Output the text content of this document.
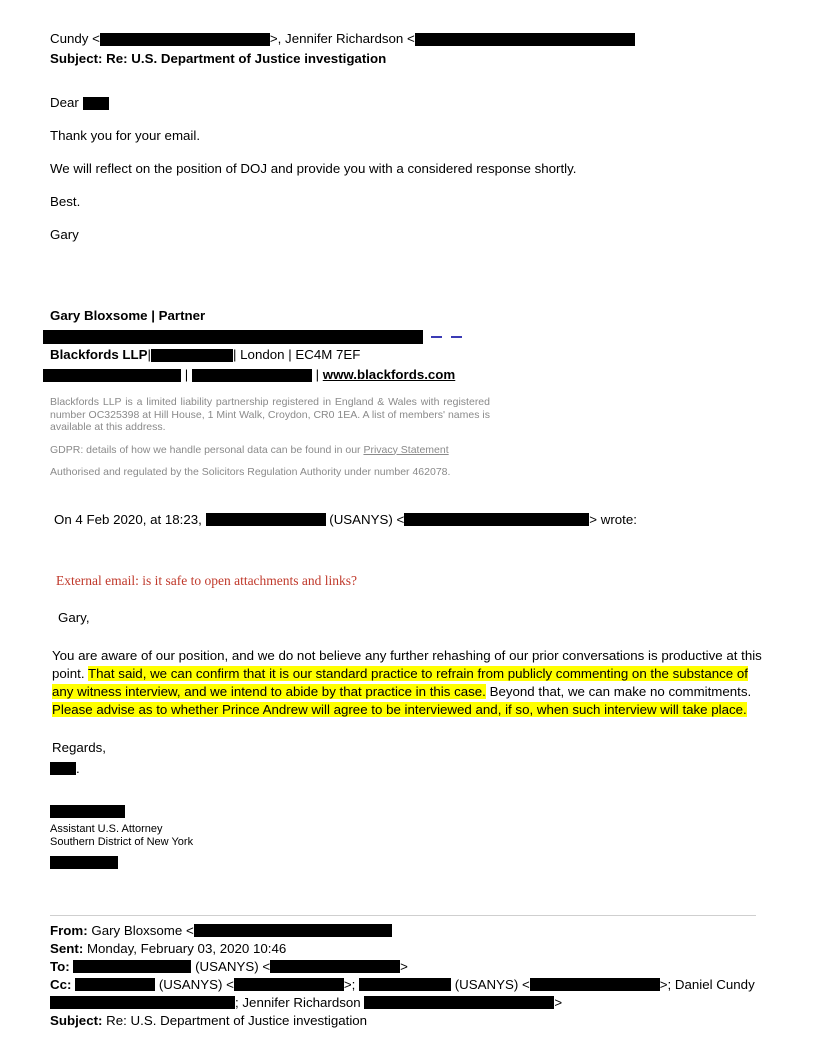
Cundy <	>, Jennifer Richardson <
Subject: Re: U.S. Department of Justice investigation
Dear
Thank you for your email.
We will reflect on the position of DOJ and provide you with a considered response shortly.
Best.
Gary
Gary Bloxsome | Partner

Blackfords LLP|	| London | EC4M 7EF
|	| www.blackfords.com
Blackfords LLP is a limited liability partnership registered in England & Wales with registered number OC325398 at Hill House, 1 Mint Walk, Croydon, CR0 1EA. A list of members' names is available at this address.
GDPR: details of how we handle personal data can be found in our Privacy Statement
Authorised and regulated by the Solicitors Regulation Authority under number 462078.
On 4 Feb 2020, at 18:23,	(USANYS) <	> wrote:
External email: is it safe to open attachments and links?
Gary,
You are aware of our position, and we do not believe any further rehashing of our prior conversations is productive at this point. That said, we can confirm that it is our standard practice to refrain from publicly commenting on the substance of any witness interview, and we intend to abide by that practice in this case. Beyond that, we can make no commitments. Please advise as to whether Prince Andrew will agree to be interviewed and, if so, when such interview will take place.
Regards,
.
Assistant U.S. Attorney
Southern District of New York
From: Gary Bloxsome <
Sent: Monday, February 03, 2020 10:46
To:	(USANYS) <	>
Cc:	(USANYS) <	>;	(USANYS) <	>; Daniel Cundy
; Jennifer Richardson	>
Subject: Re: U.S. Department of Justice investigation
